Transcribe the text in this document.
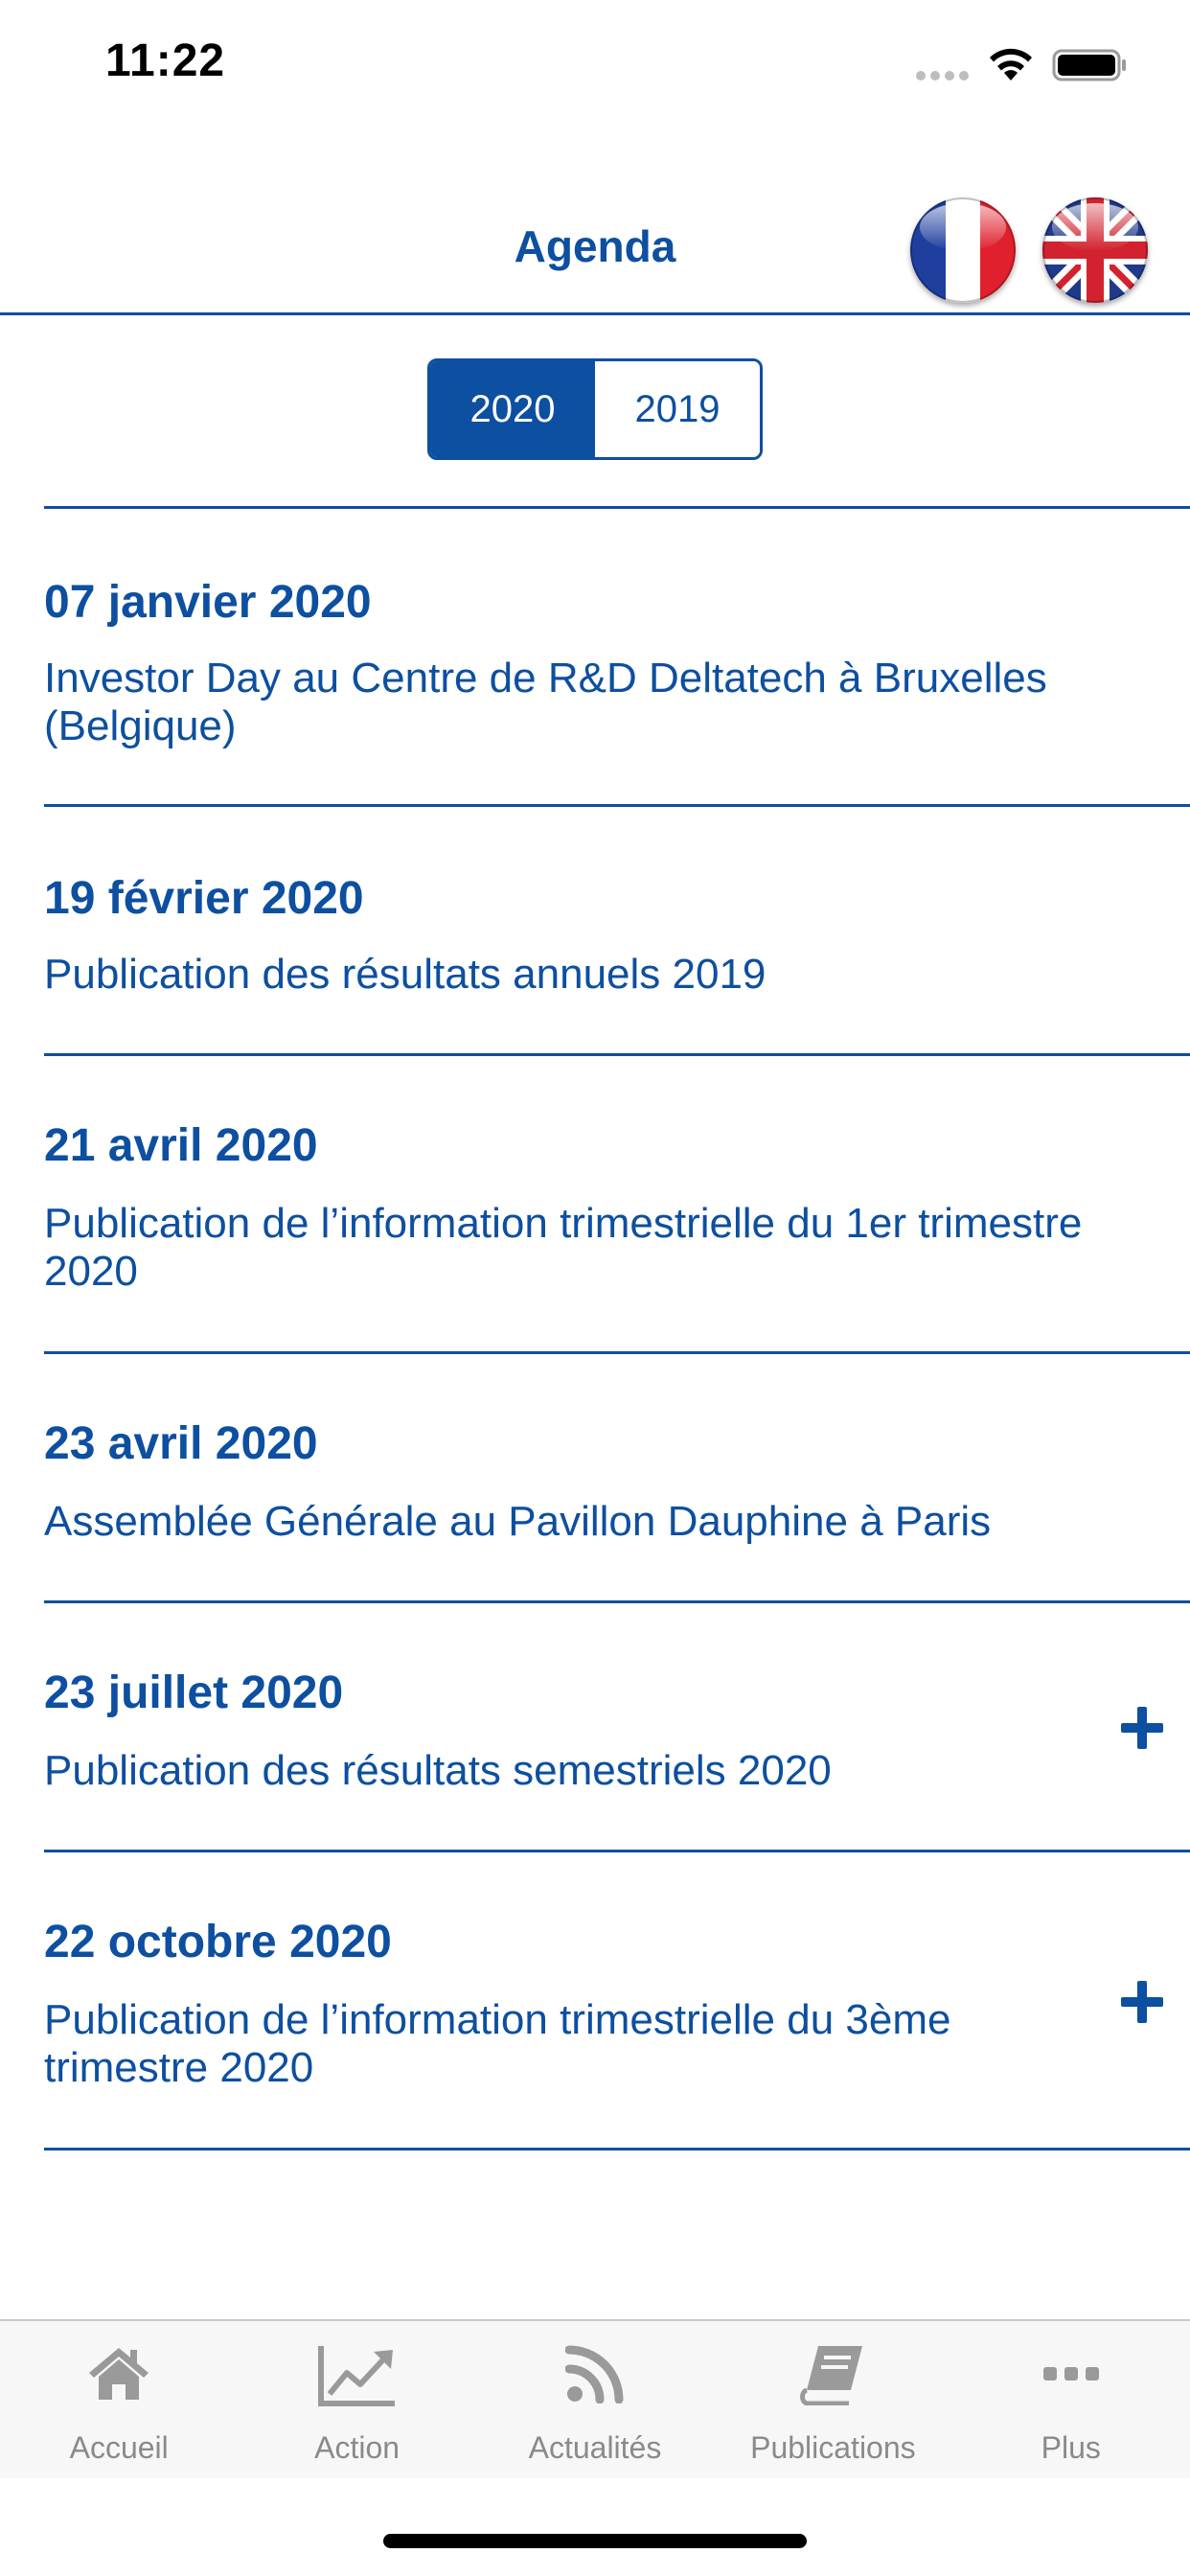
11:22
Agenda
2020	2019
07 janvier 2020
Investor Day au Centre de R&D Deltatech à Bruxelles (Belgique)
19 février 2020
Publication des résultats annuels 2019
21 avril 2020
Publication de l’information trimestrielle du 1er trimestre 2020
23 avril 2020
Assemblée Générale au Pavillon Dauphine à Paris
23 juillet 2020
Publication des résultats semestriels 2020
22 octobre 2020
Publication de l’information trimestrielle du 3ème trimestre 2020
Accueil	Action	Actualités	Publications	Plus
